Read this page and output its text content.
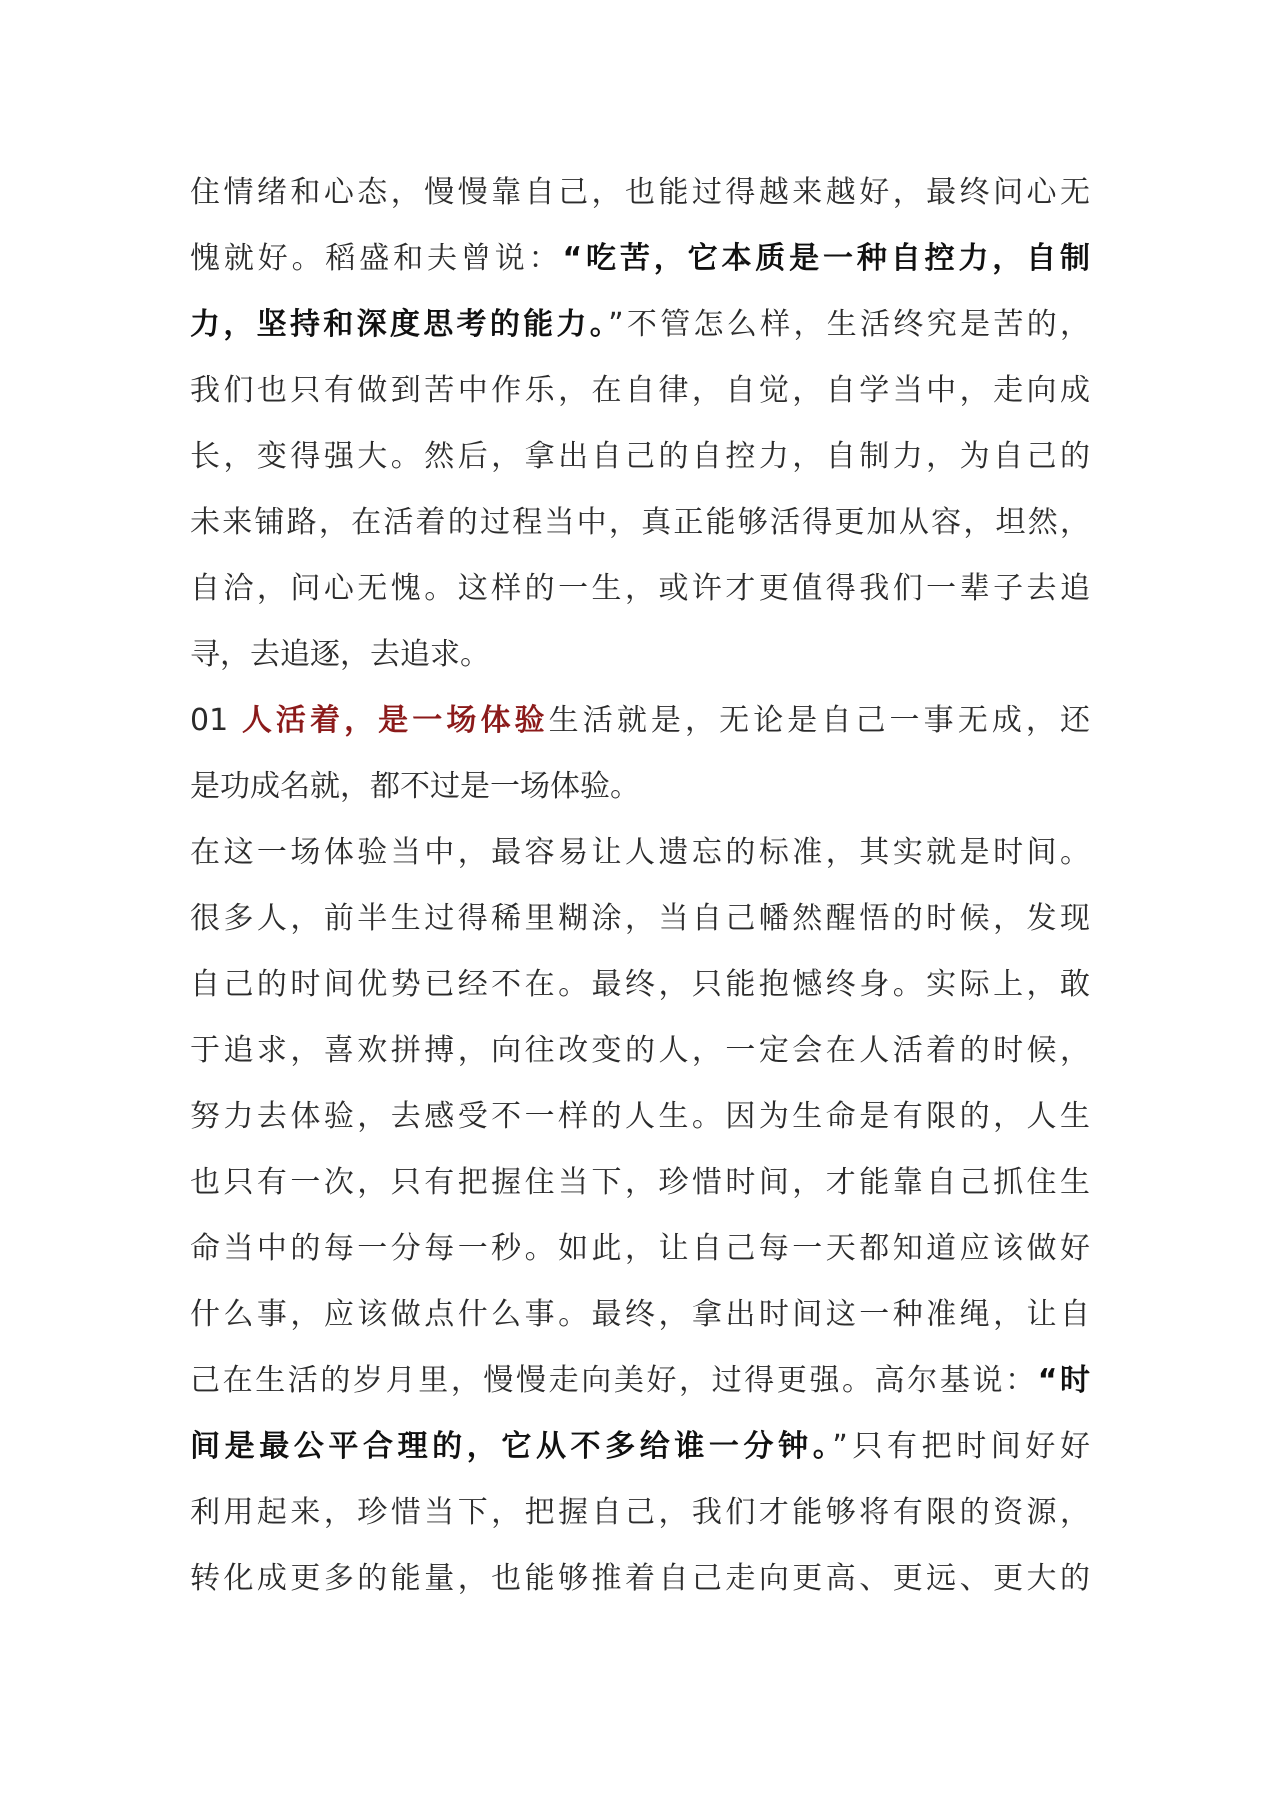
住情绪和心态，慢慢靠自己，也能过得越来越好，最终问心无
愧就好。稻盛和夫曾说：“吃苦，它本质是一种自控力，自制
力，坚持和深度思考的能力。”不管怎么样，生活终究是苦的，
我们也只有做到苦中作乐，在自律，自觉，自学当中，走向成
长，变得强大。然后，拿出自己的自控力，自制力，为自己的
未来铺路，在活着的过程当中，真正能够活得更加从容，坦然，
自洽，问心无愧。这样的一生，或许才更值得我们一辈子去追
寻，去追逐，去追求。
01 人活着，是一场体验生活就是，无论是自己一事无成，还
是功成名就，都不过是一场体验。
在这一场体验当中，最容易让人遗忘的标准，其实就是时间。
很多人，前半生过得稀里糊涂，当自己幡然醒悟的时候，发现
自己的时间优势已经不在。最终，只能抱憾终身。实际上，敢
于追求，喜欢拼搏，向往改变的人，一定会在人活着的时候，
努力去体验，去感受不一样的人生。因为生命是有限的，人生
也只有一次，只有把握住当下，珍惜时间，才能靠自己抓住生
命当中的每一分每一秒。如此，让自己每一天都知道应该做好
什么事，应该做点什么事。最终，拿出时间这一种准绳，让自
己在生活的岁月里，慢慢走向美好，过得更强。高尔基说：“时
间是最公平合理的，它从不多给谁一分钟。”只有把时间好好
利用起来，珍惜当下，把握自己，我们才能够将有限的资源，
转化成更多的能量，也能够推着自己走向更高、更远、更大的
